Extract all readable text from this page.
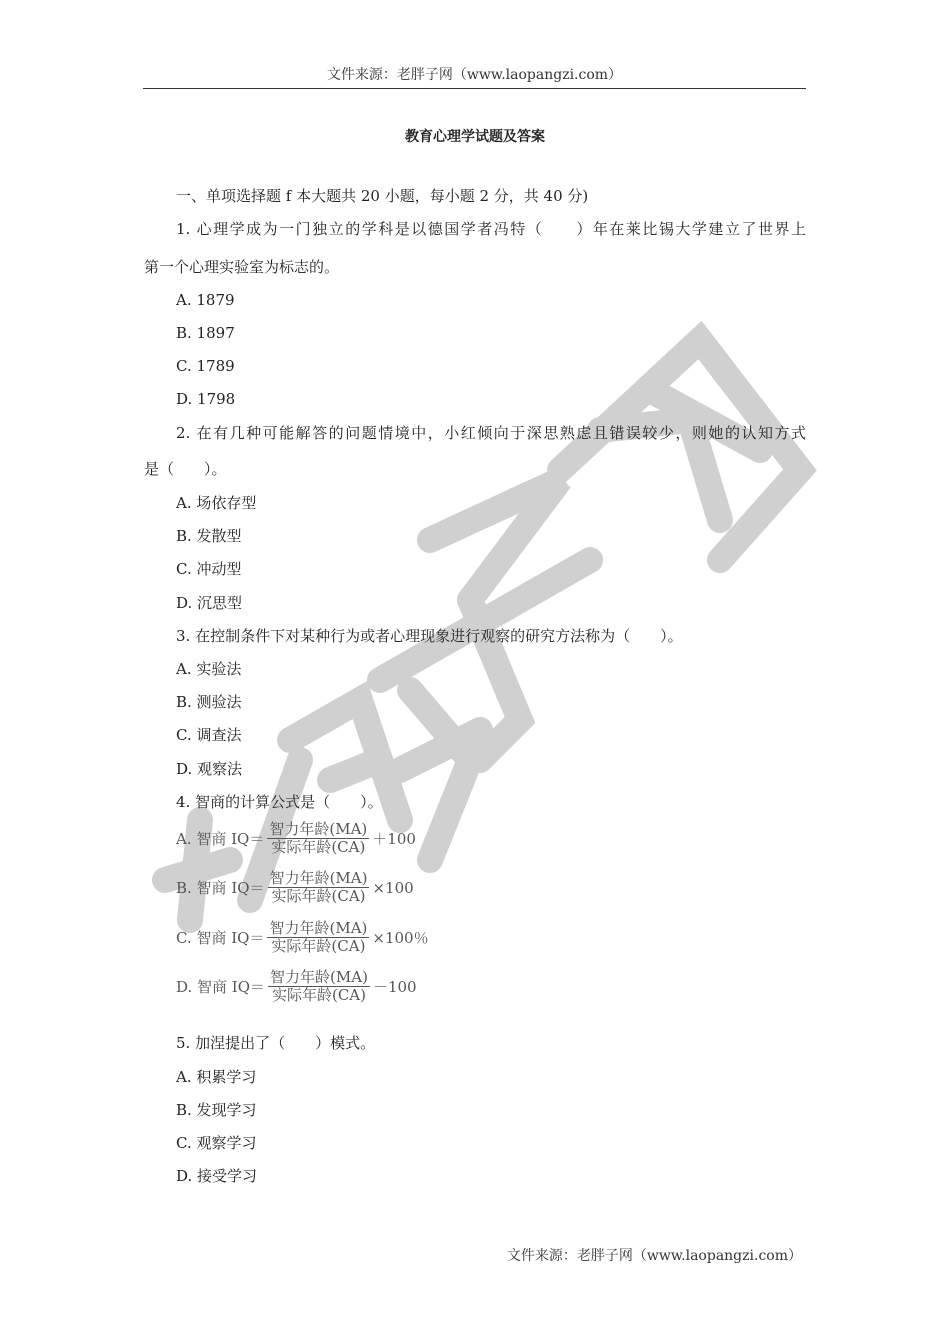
文件来源：老胖子网（www.laopangzi.com）
教育心理学试题及答案
一、单项选择题 f 本大题共 20 小题，每小题 2 分，共 40 分)
1. 心理学成为一门独立的学科是以德国学者冯特（　　）年在莱比锡大学建立了世界上
第一个心理实验室为标志的。
A. 1879
B. 1897
C. 1789
D. 1798
2. 在有几种可能解答的问题情境中，小红倾向于深思熟虑且错误较少，则她的认知方式
是（　　）。
A. 场依存型
B. 发散型
C. 冲动型
D. 沉思型
3. 在控制条件下对某种行为或者心理现象进行观察的研究方法称为（　　）。
A. 实验法
B. 测验法
C. 调查法
D. 观察法
4. 智商的计算公式是（　　）。
A. 智商 $IQ= \frac{\text{智力年龄(MA)}}{\text{实际年龄(CA)}} +100$
B. 智商 $IQ= \frac{\text{智力年龄(MA)}}{\text{实际年龄(CA)}} \times 100$
C. 智商 $IQ= \frac{\text{智力年龄(MA)}}{\text{实际年龄(CA)}} \times 100$％
D. 智商 $IQ= \frac{\text{智力年龄(MA)}}{\text{实际年龄(CA)}} -100$
5. 加涅提出了（　　）模式。
A. 积累学习
B. 发现学习
C. 观察学习
D. 接受学习
文件来源：老胖子网（www.laopangzi.com）
